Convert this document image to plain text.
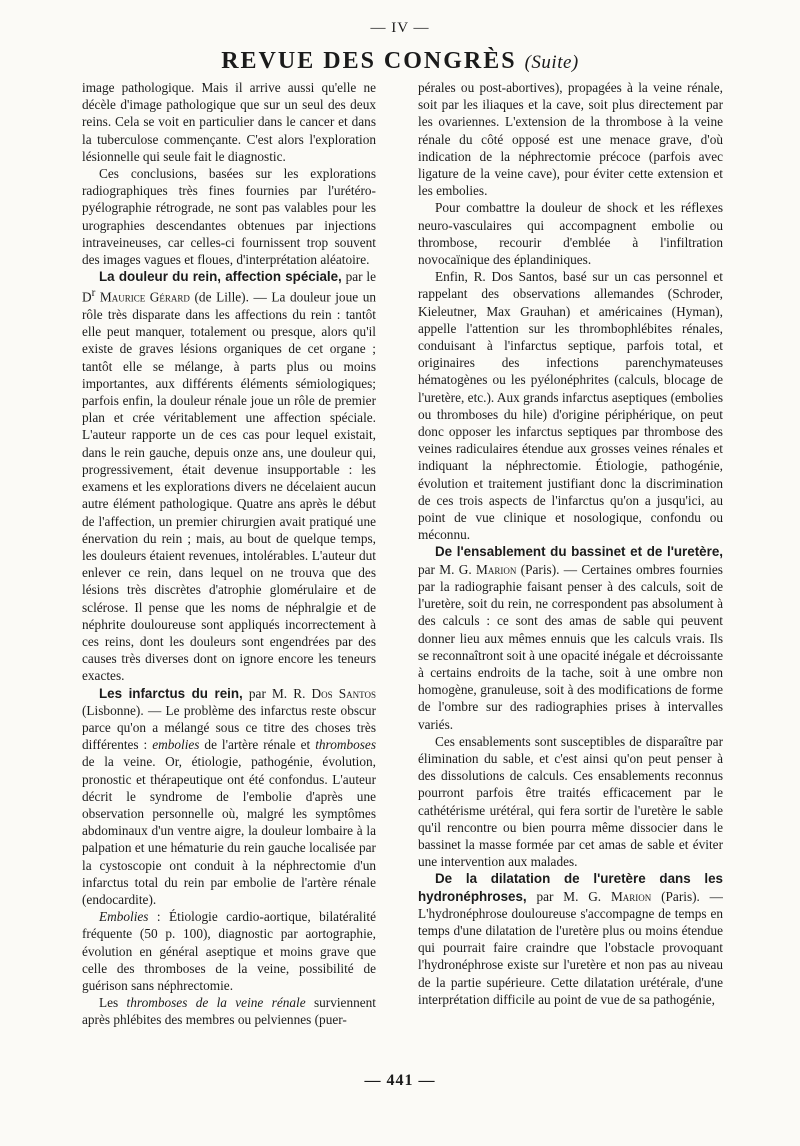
— IV —
REVUE DES CONGRÈS (Suite)

image pathologique. Mais il arrive aussi qu'elle ne décèle d'image pathologique que sur un seul des deux reins. Cela se voit en particulier dans le cancer et dans la tuberculose commençante. C'est alors l'exploration lésionnelle qui seule fait le diagnostic.

Ces conclusions, basées sur les explorations radiographiques très fines fournies par l'urétéro-pyélographie rétrograde, ne sont pas valables pour les urographies descendantes obtenues par injections intraveineuses, car celles-ci fournissent trop souvent des images vagues et floues, d'interprétation aléatoire.

La douleur du rein, affection spéciale, par le $D^r$ Maurice Gérard (de Lille). — La douleur joue un rôle très disparate dans les affections du rein : tantôt elle peut manquer, totalement ou presque, alors qu'il existe de graves lésions organiques de cet organe ; tantôt elle se mélange, à parts plus ou moins importantes, aux différents éléments sémiologiques; parfois enfin, la douleur rénale joue un rôle de premier plan et crée véritablement une affection spéciale. L'auteur rapporte un de ces cas pour lequel existait, dans le rein gauche, depuis onze ans, une douleur qui, progressivement, était devenue insupportable : les examens et les explorations divers ne décelaient aucun autre élément pathologique. Quatre ans après le début de l'affection, un premier chirurgien avait pratiqué une énervation du rein ; mais, au bout de quelque temps, les douleurs étaient revenues, intolérables. L'auteur dut enlever ce rein, dans lequel on ne trouva que des lésions très discrètes d'atrophie glomérulaire et de sclérose. Il pense que les noms de néphralgie et de néphrite douloureuse sont appliqués incorrectement à ces reins, dont les douleurs sont engendrées par des causes très diverses dont on ignore encore les teneurs exactes.

Les infarctus du rein, par M. R. Dos Santos (Lisbonne). — Le problème des infarctus reste obscur parce qu'on a mélangé sous ce titre des choses très différentes : embolies de l'artère rénale et thromboses de la veine. Or, étiologie, pathogénie, évolution, pronostic et thérapeutique ont été confondus. L'auteur décrit le syndrome de l'embolie d'après une observation personnelle où, malgré les symptômes abdominaux d'un ventre aigre, la douleur lombaire à la palpation et une hématurie du rein gauche localisée par la cystoscopie ont conduit à la néphrectomie d'un infarctus total du rein par embolie de l'artère rénale (endocardite).

Embolies : Étiologie cardio-aortique, bilatéralité fréquente (50 p. 100), diagnostic par aortographie, évolution en général aseptique et moins grave que celle des thromboses de la veine, possibilité de guérison sans néphrectomie.

Les thromboses de la veine rénale surviennent après phlébites des membres ou pelviennes (puer-

pérales ou post-abortives), propagées à la veine rénale, soit par les iliaques et la cave, soit plus directement par les ovariennes. L'extension de la thrombose à la veine rénale du côté opposé est une menace grave, d'où indication de la néphrectomie précoce (parfois avec ligature de la veine cave), pour éviter cette extension et les embolies.

Pour combattre la douleur de shock et les réflexes neuro-vasculaires qui accompagnent embolie ou thrombose, recourir d'emblée à l'infiltration novocaïnique des éplandiniques.

Enfin, R. Dos Santos, basé sur un cas personnel et rappelant des observations allemandes (Schroder, Kieleutner, Max Grauhan) et américaines (Hyman), appelle l'attention sur les thrombophlébites rénales, conduisant à l'infarctus septique, parfois total, et originaires des infections parenchymateuses hématogènes ou les pyélonéphrites (calculs, blocage de l'uretère, etc.). Aux grands infarctus aseptiques (embolies ou thromboses du hile) d'origine périphérique, on peut donc opposer les infarctus septiques par thrombose des veines radiculaires étendue aux grosses veines rénales et indiquant la néphrectomie. Étiologie, pathogénie, évolution et traitement justifiant donc la discrimination de ces trois aspects de l'infarctus qu'on a jusqu'ici, au point de vue clinique et nosologique, confondu ou méconnu.

De l'ensablement du bassinet et de l'uretère, par M. G. Marion (Paris). — Certaines ombres fournies par la radiographie faisant penser à des calculs, soit de l'uretère, soit du rein, ne correspondent pas absolument à des calculs : ce sont des amas de sable qui peuvent donner lieu aux mêmes ennuis que les calculs vrais. Ils se reconnaîtront soit à une opacité inégale et décroissante à certains endroits de la tache, soit à une ombre non homogène, granuleuse, soit à des modifications de forme de l'ombre sur des radiographies prises à intervalles variés.

Ces ensablements sont susceptibles de disparaître par élimination du sable, et c'est ainsi qu'on peut penser à des dissolutions de calculs. Ces ensablements reconnus pourront parfois être traités efficacement par le cathétérisme urétéral, qui fera sortir de l'uretère le sable qu'il rencontre ou bien pourra même dissocier dans le bassinet la masse formée par cet amas de sable et éviter une intervention aux malades.

De la dilatation de l'uretère dans les hydronéphroses, par M. G. Marion (Paris). — L'hydronéphrose douloureuse s'accompagne de temps en temps d'une dilatation de l'uretère plus ou moins étendue qui pourrait faire craindre que l'obstacle provoquant l'hydronéphrose existe sur l'uretère et non pas au niveau de la partie supérieure. Cette dilatation urétérale, d'une interprétation difficile au point de vue de sa pathogénie,

— 441 —
